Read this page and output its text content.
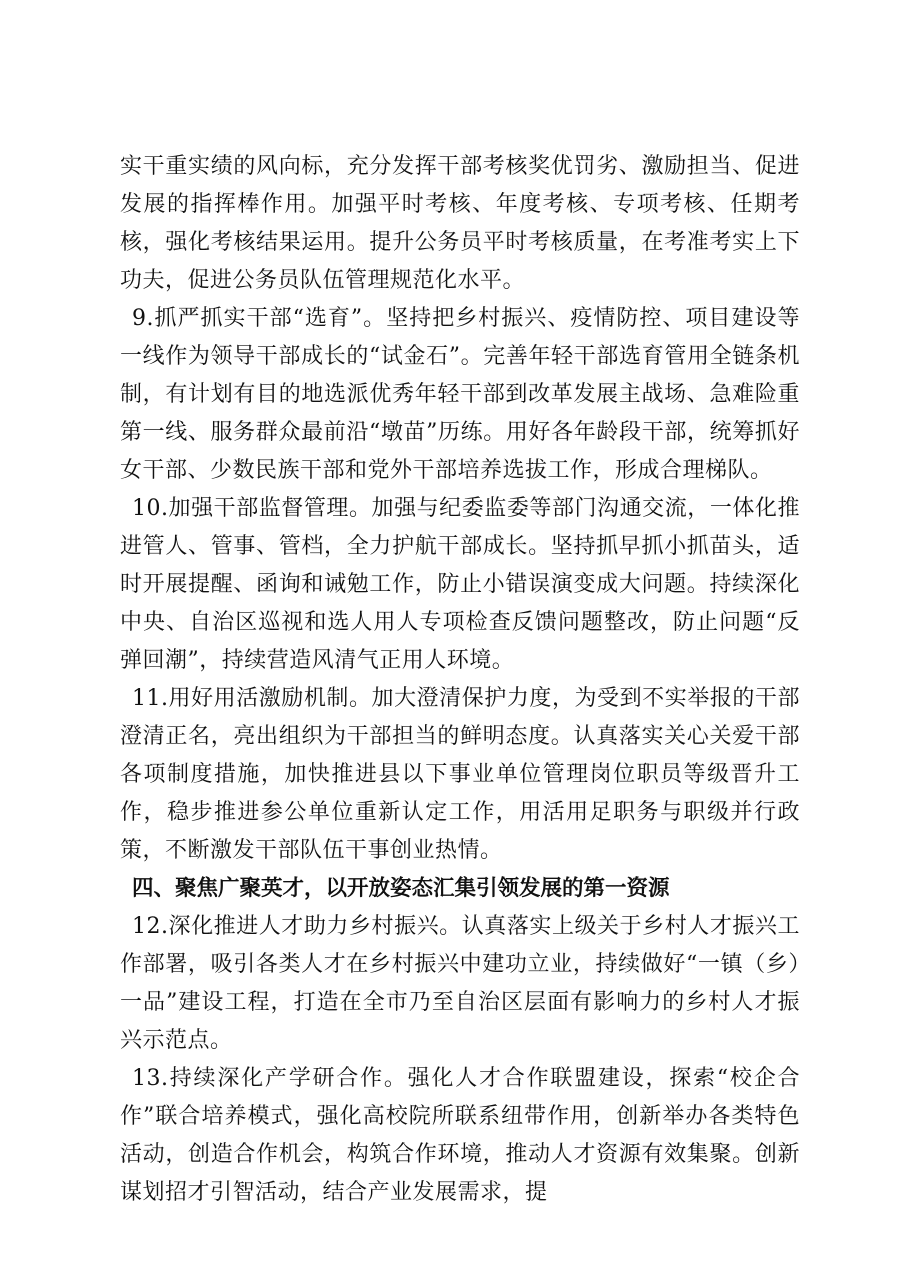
实干重实绩的风向标，充分发挥干部考核奖优罚劣、激励担当、促进发展的指挥棒作用。加强平时考核、年度考核、专项考核、任期考核，强化考核结果运用。提升公务员平时考核质量，在考准考实上下功夫，促进公务员队伍管理规范化水平。

9.抓严抓实干部“选育”。坚持把乡村振兴、疫情防控、项目建设等一线作为领导干部成长的“试金石”。完善年轻干部选育管用全链条机制，有计划有目的地选派优秀年轻干部到改革发展主战场、急难险重第一线、服务群众最前沿“墩苗”历练。用好各年龄段干部，统筹抓好女干部、少数民族干部和党外干部培养选拔工作，形成合理梯队。

10.加强干部监督管理。加强与纪委监委等部门沟通交流，一体化推进管人、管事、管档，全力护航干部成长。坚持抓早抓小抓苗头，适时开展提醒、函询和诫勉工作，防止小错误演变成大问题。持续深化中央、自治区巡视和选人用人专项检查反馈问题整改，防止问题“反弹回潮”，持续营造风清气正用人环境。

11.用好用活激励机制。加大澄清保护力度，为受到不实举报的干部澄清正名，亮出组织为干部担当的鲜明态度。认真落实关心关爱干部各项制度措施，加快推进县以下事业单位管理岗位职员等级晋升工作，稳步推进参公单位重新认定工作，用活用足职务与职级并行政策，不断激发干部队伍干事创业热情。

四、聚焦广聚英才，以开放姿态汇集引领发展的第一资源

12.深化推进人才助力乡村振兴。认真落实上级关于乡村人才振兴工作部署，吸引各类人才在乡村振兴中建功立业，持续做好“一镇（乡）一品”建设工程，打造在全市乃至自治区层面有影响力的乡村人才振兴示范点。

13.持续深化产学研合作。强化人才合作联盟建设，探索“校企合作”联合培养模式，强化高校院所联系纽带作用，创新举办各类特色活动，创造合作机会，构筑合作环境，推动人才资源有效集聚。创新谋划招才引智活动，结合产业发展需求，提
